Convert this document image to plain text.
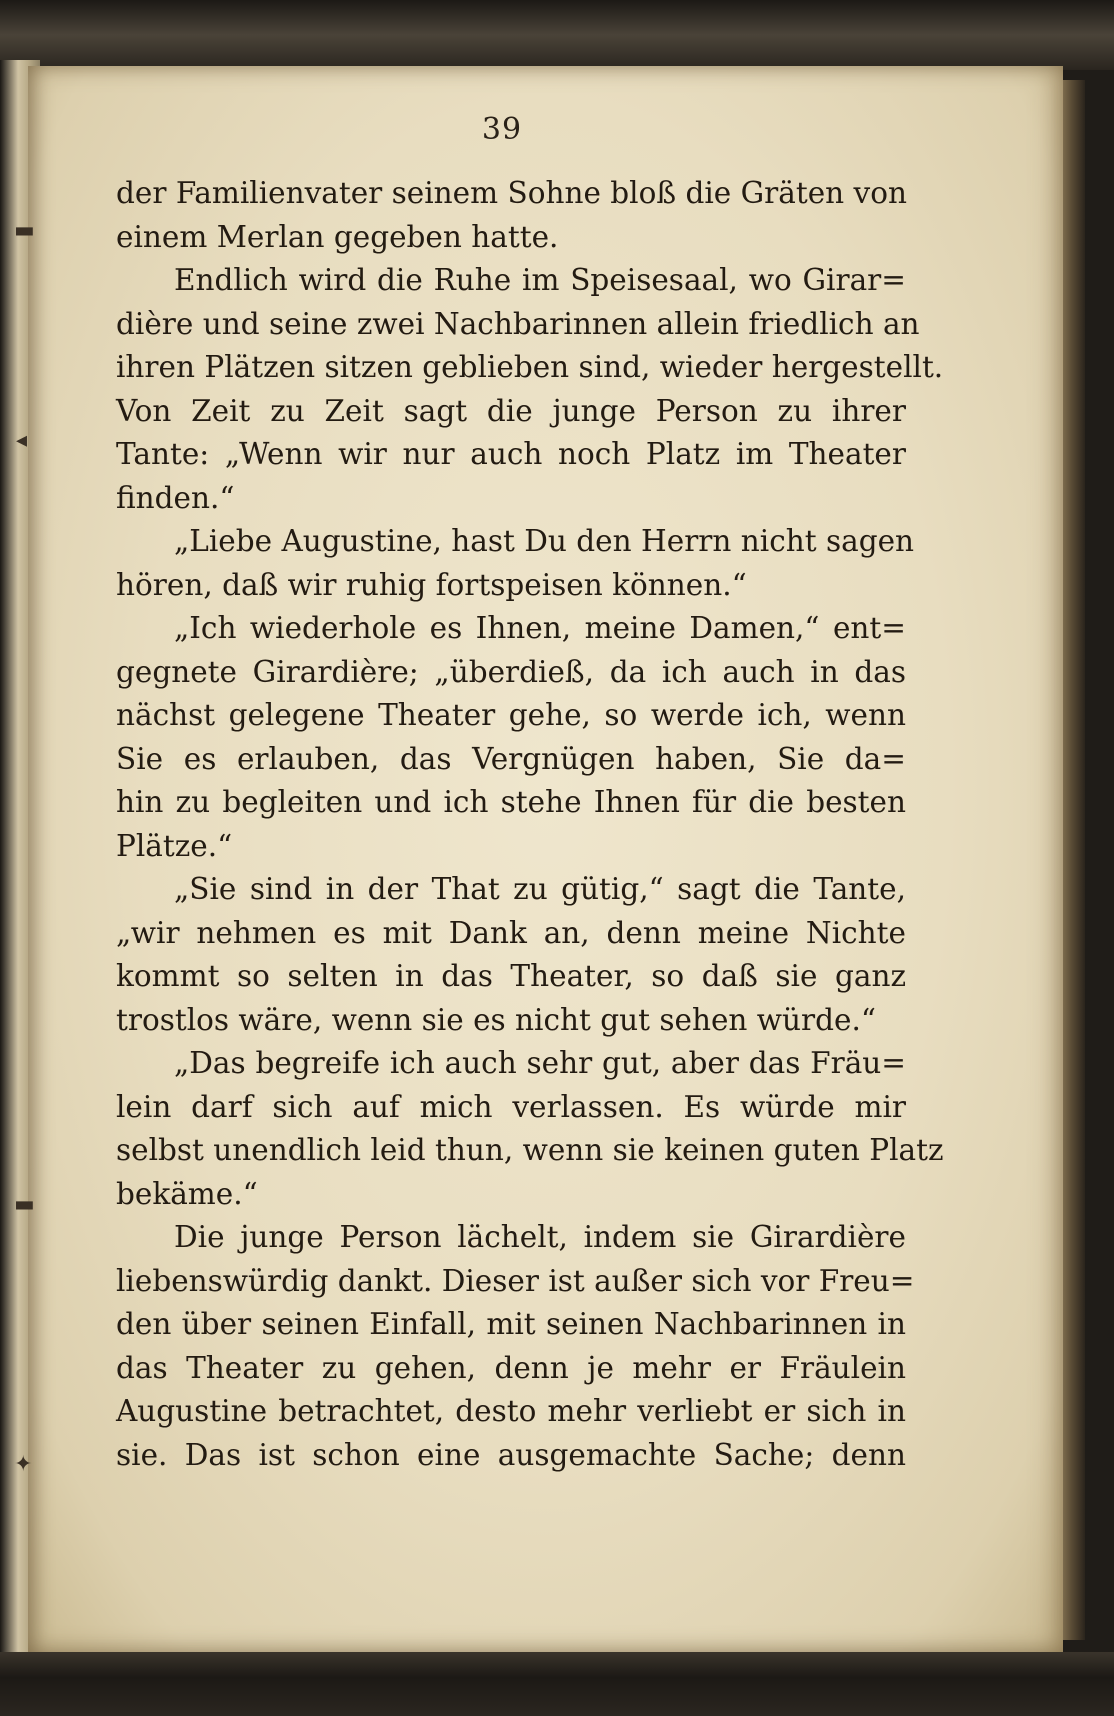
▬
◂
▬
✦
39
der Familienvater seinem Sohne bloß die Gräten von
einem Merlan gegeben hatte.
Endlich wird die Ruhe im Speisesaal, wo Girar=
dière und seine zwei Nachbarinnen allein friedlich an
ihren Plätzen sitzen geblieben sind, wieder hergestellt.
Von Zeit zu Zeit sagt die junge Person zu ihrer
Tante: „Wenn wir nur auch noch Platz im Theater
finden.“
„Liebe Augustine, hast Du den Herrn nicht sagen
hören, daß wir ruhig fortspeisen können.“
„Ich wiederhole es Ihnen, meine Damen,“ ent=
gegnete Girardière; „überdieß, da ich auch in das
nächst gelegene Theater gehe, so werde ich, wenn
Sie es erlauben, das Vergnügen haben, Sie da=
hin zu begleiten und ich stehe Ihnen für die besten
Plätze.“
„Sie sind in der That zu gütig,“ sagt die Tante,
„wir nehmen es mit Dank an, denn meine Nichte
kommt so selten in das Theater, so daß sie ganz
trostlos wäre, wenn sie es nicht gut sehen würde.“
„Das begreife ich auch sehr gut, aber das Fräu=
lein darf sich auf mich verlassen. Es würde mir
selbst unendlich leid thun, wenn sie keinen guten Platz
bekäme.“
Die junge Person lächelt, indem sie Girardière
liebenswürdig dankt. Dieser ist außer sich vor Freu=
den über seinen Einfall, mit seinen Nachbarinnen in
das Theater zu gehen, denn je mehr er Fräulein
Augustine betrachtet, desto mehr verliebt er sich in
sie. Das ist schon eine ausgemachte Sache; denn
